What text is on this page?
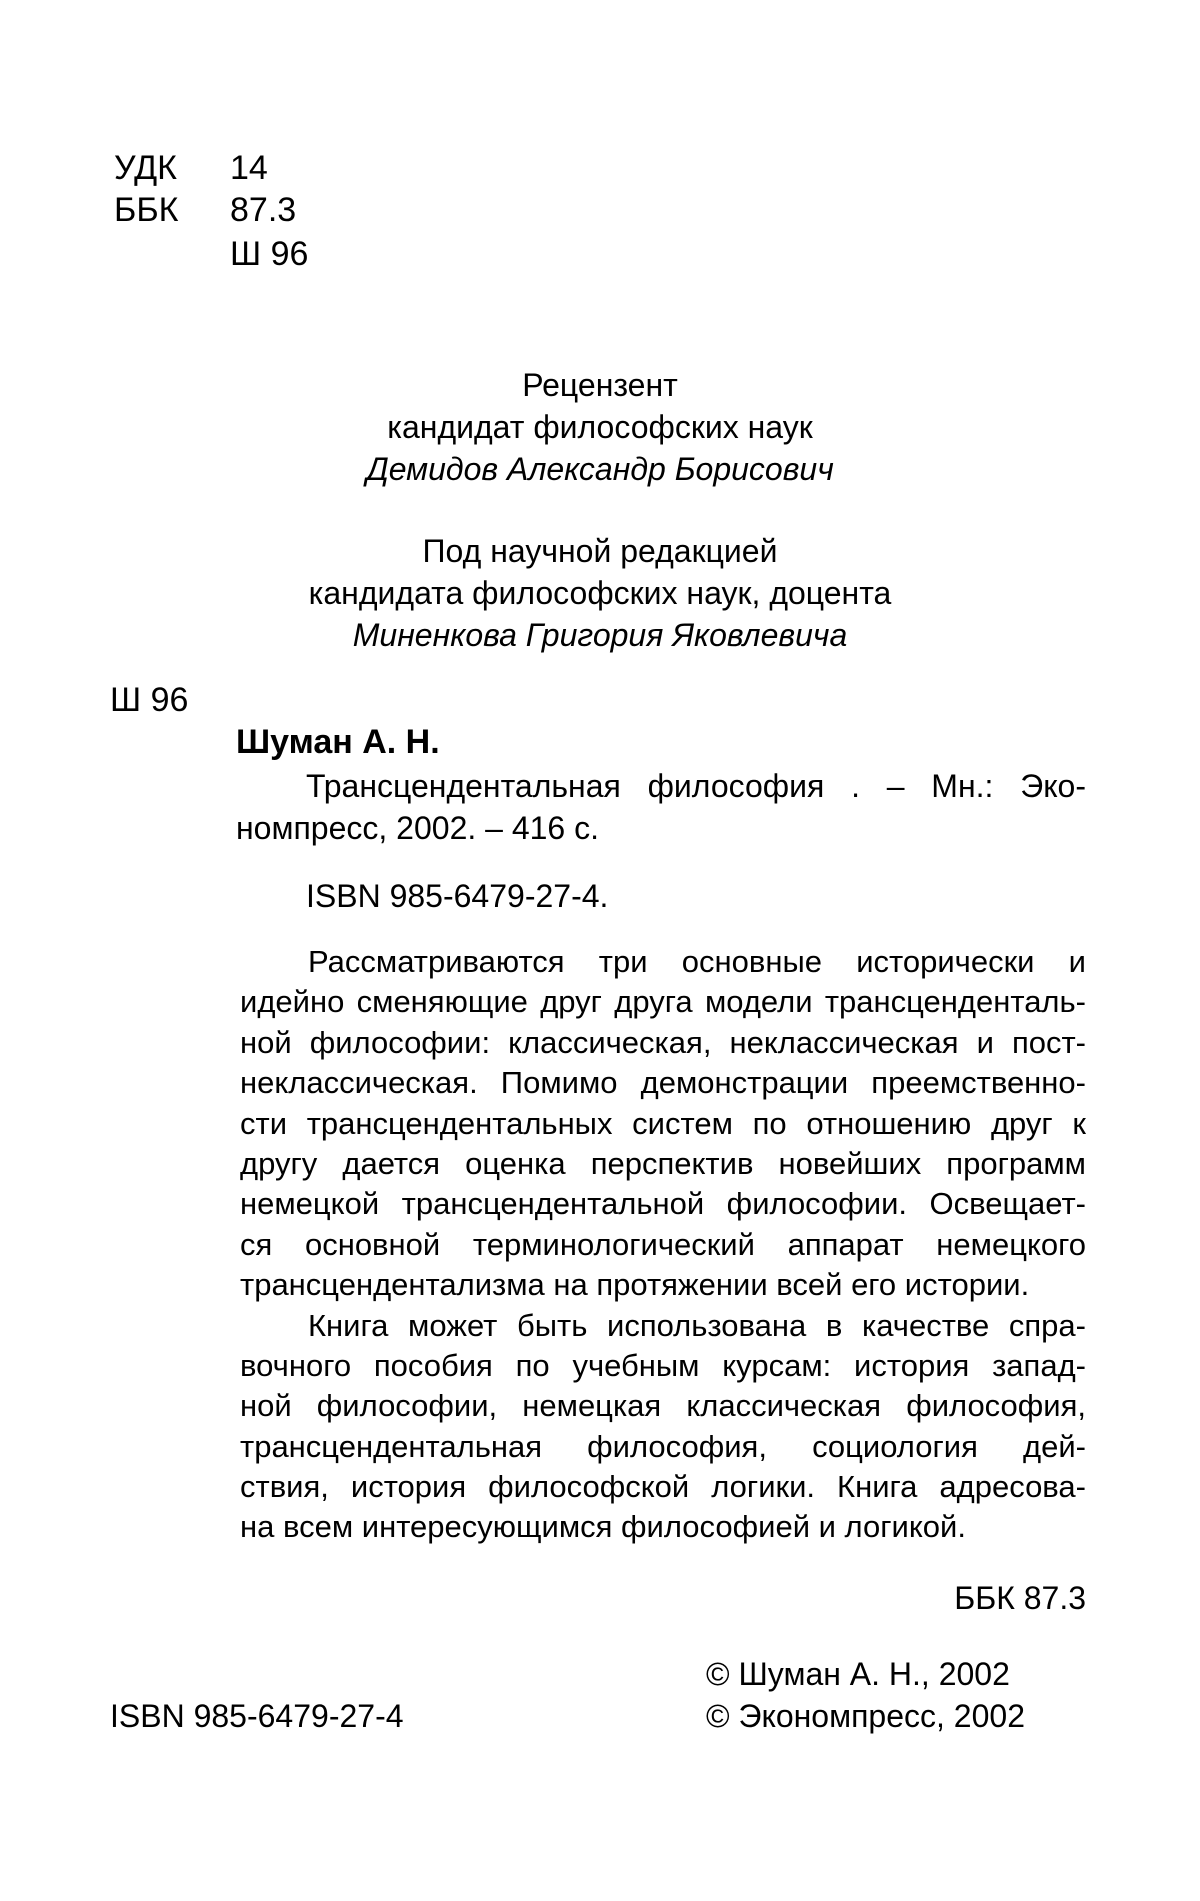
УДК 14
ББК 87.3
Ш 96
Рецензент
кандидат философских наук
Демидов Александр Борисович
Под научной редакцией
кандидата философских наук, доцента
Миненкова Григория Яковлевича
Ш 96
Шуман А. Н.
Трансцендентальная философия . – Мн.: Эко-
номпресс, 2002. – 416 с.
ISBN 985-6479-27-4.
Рассматриваются три основные исторически и
идейно сменяющие друг друга модели трансценденталь-
ной философии: классическая, неклассическая и пост-
неклассическая. Помимо демонстрации преемственно-
сти трансцендентальных систем по отношению друг к
другу дается оценка перспектив новейших программ
немецкой трансцендентальной философии. Освещает-
ся основной терминологический аппарат немецкого
трансцендентализма на протяжении всей его истории.
Книга может быть использована в качестве спра-
вочного пособия по учебным курсам: история запад-
ной философии, немецкая классическая философия,
трансцендентальная философия, социология дей-
ствия, история философской логики. Книга адресова-
на всем интересующимся философией и логикой.
ББК 87.3
© Шуман А. Н., 2002
ISBN 985-6479-27-4	© Экономпресс, 2002
